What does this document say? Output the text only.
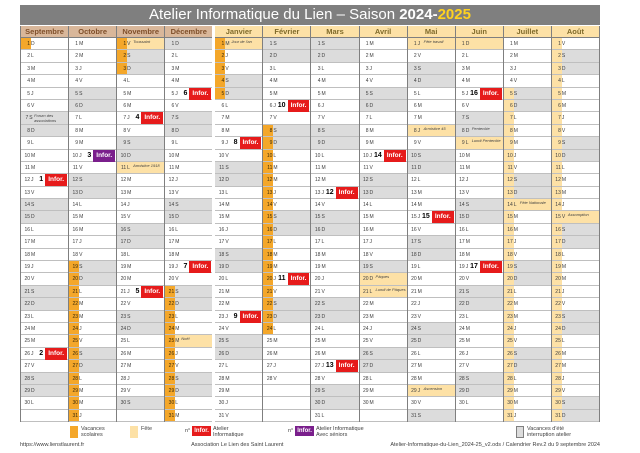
Atelier Informatique du Lien – Saison 2024-2025
Septembre
1 D
2 L
3 M
4 M
5 J
6 V
7 S Forum des associations
8 D
9 L
10 M
11 M
12 J 1 Infor.
13 V
14 S
15 D
16 L
17 M
18 M
19 J
20 V
21 S
22 D
23 L
24 M
25 M
26 J 2 Infor.
27 V
28 S
29 D
30 L
Octobre
1 M
2 M
3 J
4 V
5 S
6 D
7 L
8 M
9 M
10 J 3 Infor.
11 V
12 S
13 D
14 L
15 M
16 M
17 J
18 V
19 S
20 D
21 L
22 M
23 M
24 J
25 V
26 S
27 D
28 L
29 M
30 M
31 J
Novembre
1 V Toussaint
2 S
3 D
4 L
5 M
6 M
7 J 4 Infor.
8 V
9 S
10 D
11 L Armistice 1918
12 M
13 M
14 J
15 V
16 S
17 D
18 L
19 M
20 M
21 J 5 Infor.
22 V
23 S
24 D
25 L
26 M
27 M
28 J
29 V
30 S
Décembre
1 D
2 L
3 M
4 M
5 J 6 Infor.
6 V
7 S
8 D
9 L
10 M
11 M
12 J
13 V
14 S
15 D
16 L
17 M
18 M
19 J 7 Infor.
20 V
21 S
22 D
23 L
24 M
25 M Noël
26 J
27 V
28 S
29 D
30 L
31 M
Janvier
1 M Jour de l'an
2 J
3 V
4 S
5 D
6 L
7 M
8 M
9 J 8 Infor.
10 V
11 S
12 D
13 L
14 M
15 M
16 J
17 V
18 S
19 D
20 L
21 M
22 M
23 J 9 Infor.
24 V
25 S
26 D
27 L
28 M
29 M
30 J
31 V
Février
1 S
2 D
3 L
4 M
5 M
6 J 10 Infor.
7 V
8 S
9 D
10 L
11 M
12 M
13 J
14 V
15 S
16 D
17 L
18 M
19 M
20 J 11 Infor.
21 V
22 S
23 D
24 L
25 M
26 M
27 J
28 V
Mars
1 S
2 D
3 L
4 M
5 M
6 J
7 V
8 S
9 D
10 L
11 M
12 M
13 J 12 Infor.
14 V
15 S
16 D
17 L
18 M
19 M
20 J
21 V
22 S
23 D
24 L
25 M
26 M
27 J 13 Infor.
28 V
29 S
30 D
31 L
Avril
1 M
2 M
3 J
4 V
5 S
6 D
7 L
8 M
9 M
10 J 14 Infor.
11 V
12 S
13 D
14 L
15 M
16 M
17 J
18 V
19 S
20 D Pâques
21 L Lundi de Pâques
22 M
23 M
24 J
25 V
26 S
27 D
28 L
29 M
30 M
Mai
1 J Fête travail
2 V
3 S
4 D
5 L
6 M
7 M
8 J Armistice 45
9 V
10 S
11 D
12 L
13 M
14 M
15 J 15 Infor.
16 V
17 S
18 D
19 L
20 M
21 M
22 J
23 V
24 S
25 D
26 L
27 M
28 M
29 J Ascension
30 V
31 S
Juin
1 D
2 L
3 M
4 M
5 J 16 Infor.
6 V
7 S
8 D Pentecôte
9 L Lundi Pentecôte
10 M
11 M
12 J
13 V
14 S
15 D
16 L
17 M
18 M
19 J 17 Infor.
20 V
21 S
22 D
23 L
24 M
25 M
26 J
27 V
28 S
29 D
30 L
Juillet
1 M
2 M
3 J
4 V
5 S
6 D
7 L
8 M
9 M
10 J
11 V
12 S
13 D
14 L Fête Nationale
15 M
16 M
17 J
18 V
19 S
20 D
21 L
22 M
23 M
24 J
25 V
26 S
27 D
28 L
29 M
30 M
31 J
Août
1 V
2 S
3 D
4 L
5 M
6 M
7 J
8 V
9 S
10 D
11 L
12 M
13 M
14 J
15 V Assomption
16 S
17 D
18 L
19 M
20 M
21 J
22 V
23 S
24 D
25 L
26 M
27 M
28 J
29 V
30 S
31 D
Vacances scolaires
Fête	n° Infor. Atelier Informatique
n° Infor. Atelier Informatique Avec séniors
Vacances d'été interruption atelier
https://www.lienstlaurent.fr	Association Le Lien des Saint Laurent	Atelier-Informatique-du-Lien_2024-25_v2.ods / Calendrier Rev.2 du 9 septembre 2024
